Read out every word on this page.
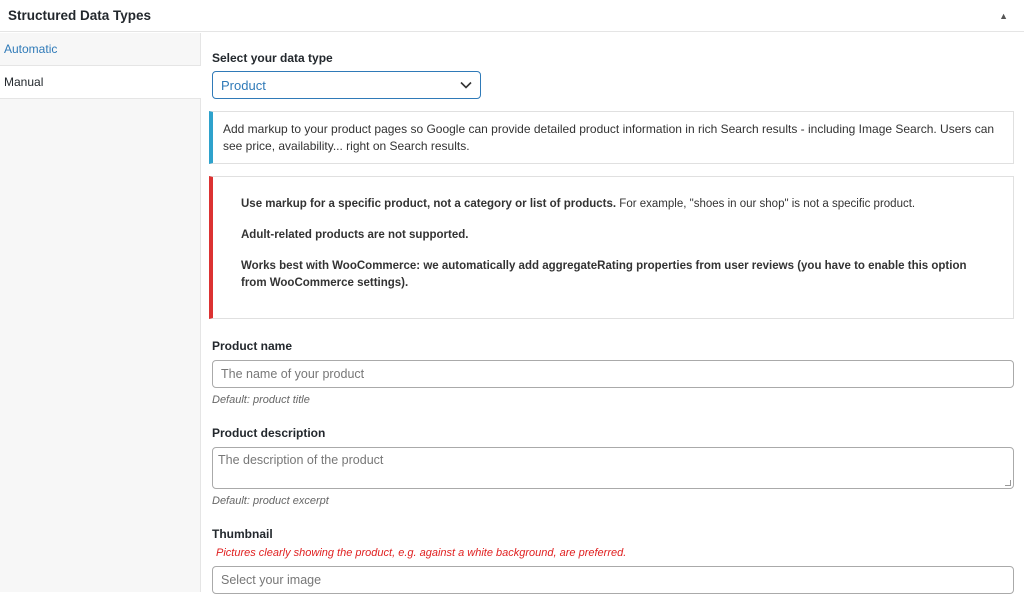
Structured Data Types	▲
Automatic
Manual
Select your data type
Product
Add markup to your product pages so Google can provide detailed product information in rich Search results - including Image Search. Users can see price, availability... right on Search results.

Use markup for a specific product, not a category or list of products. For example, "shoes in our shop" is not a specific product.

Adult-related products are not supported.

Works best with WooCommerce: we automatically add aggregateRating properties from user reviews (you have to enable this option from WooCommerce settings).

Product name
The name of your product
Default: product title
Product description
The description of the product
Default: product excerpt
Thumbnail
Pictures clearly showing the product, e.g. against a white background, are preferred.
Select your image
